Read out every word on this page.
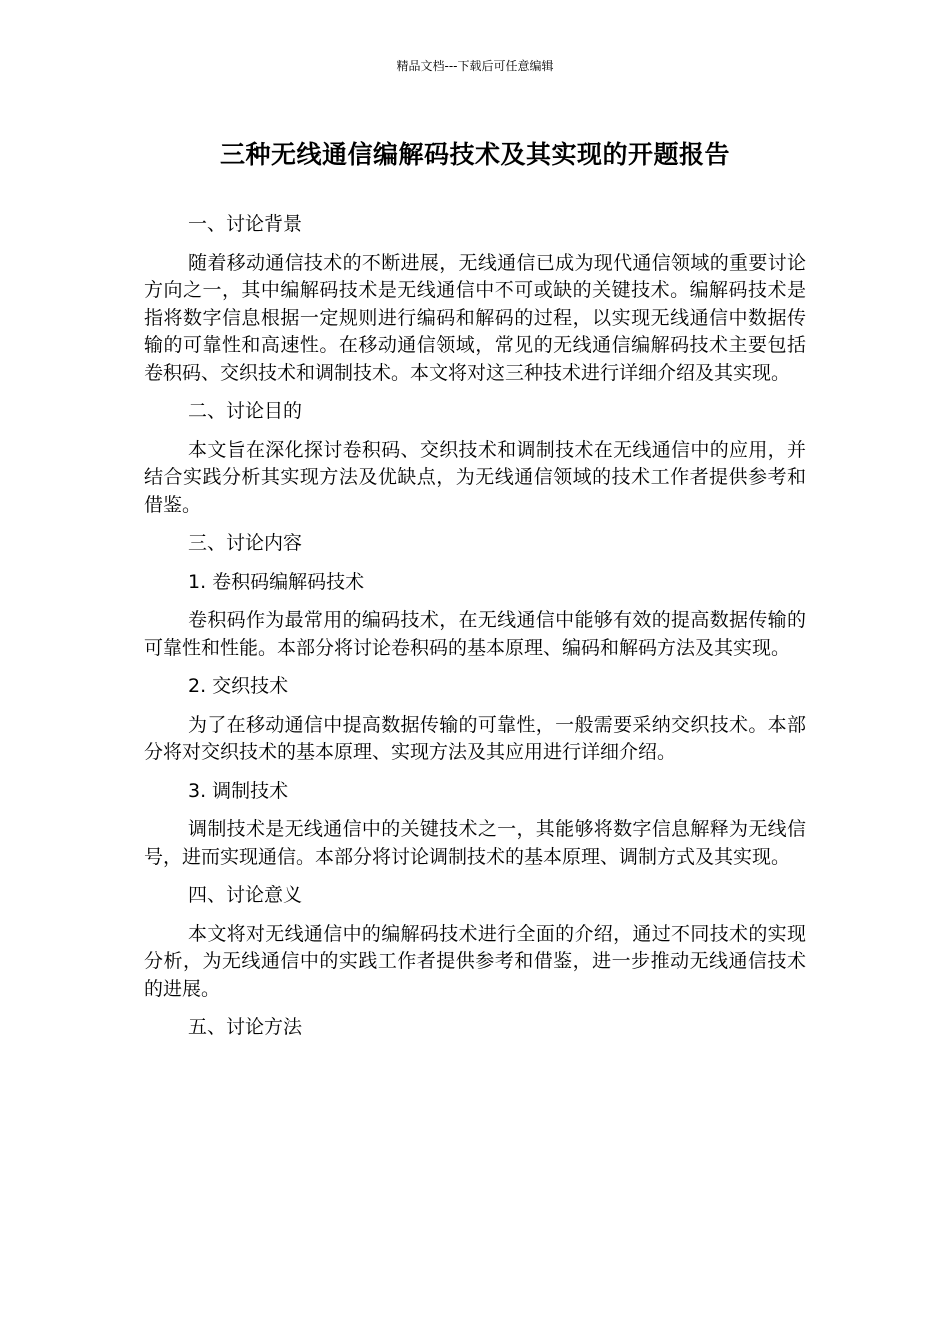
精品文档---下载后可任意编辑
三种无线通信编解码技术及其实现的开题报告

一、讨论背景

随着移动通信技术的不断进展，无线通信已成为现代通信领域的重要讨论方向之一，其中编解码技术是无线通信中不可或缺的关键技术。编解码技术是指将数字信息根据一定规则进行编码和解码的过程，以实现无线通信中数据传输的可靠性和高速性。在移动通信领域，常见的无线通信编解码技术主要包括卷积码、交织技术和调制技术。本文将对这三种技术进行详细介绍及其实现。

二、讨论目的

本文旨在深化探讨卷积码、交织技术和调制技术在无线通信中的应用，并结合实践分析其实现方法及优缺点，为无线通信领域的技术工作者提供参考和借鉴。

三、讨论内容

1. 卷积码编解码技术

卷积码作为最常用的编码技术，在无线通信中能够有效的提高数据传输的可靠性和性能。本部分将讨论卷积码的基本原理、编码和解码方法及其实现。

2. 交织技术

为了在移动通信中提高数据传输的可靠性，一般需要采纳交织技术。本部分将对交织技术的基本原理、实现方法及其应用进行详细介绍。

3. 调制技术

调制技术是无线通信中的关键技术之一，其能够将数字信息解释为无线信号，进而实现通信。本部分将讨论调制技术的基本原理、调制方式及其实现。

四、讨论意义

本文将对无线通信中的编解码技术进行全面的介绍，通过不同技术的实现分析，为无线通信中的实践工作者提供参考和借鉴，进一步推动无线通信技术的进展。

五、讨论方法
